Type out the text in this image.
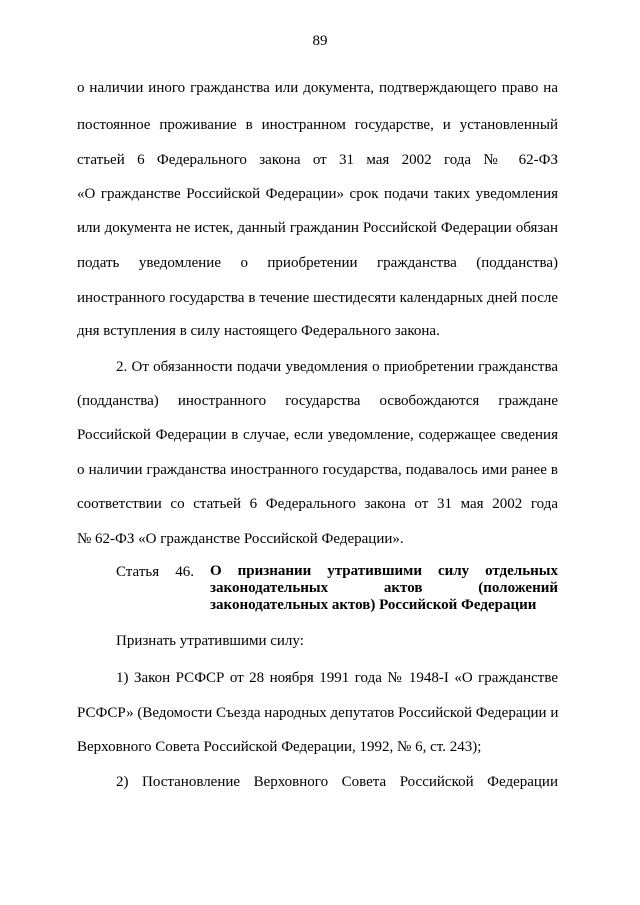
89
о наличии иного гражданства или документа, подтверждающего право на
постоянное проживание в иностранном государстве, и установленный
статьей 6 Федерального закона от 31 мая 2002 года № 62-ФЗ
«О гражданстве Российской Федерации» срок подачи таких уведомления
или документа не истек, данный гражданин Российской Федерации обязан
подать уведомление о приобретении гражданства (подданства)
иностранного государства в течение шестидесяти календарных дней после
дня вступления в силу настоящего Федерального закона.
2. От обязанности подачи уведомления о приобретении гражданства
(подданства) иностранного государства освобождаются граждане
Российской Федерации в случае, если уведомление, содержащее сведения
о наличии гражданства иностранного государства, подавалось ими ранее в
соответствии со статьей 6 Федерального закона от 31 мая 2002 года
№ 62-ФЗ «О гражданстве Российской Федерации».
Статья 46. О признании утратившими силу отдельных
законодательных актов (положений
законодательных актов) Российской Федерации
Признать утратившими силу:
1) Закон РСФСР от 28 ноября 1991 года № 1948-I «О гражданстве
РСФСР» (Ведомости Съезда народных депутатов Российской Федерации и
Верховного Совета Российской Федерации, 1992, № 6, ст. 243);
2) Постановление Верховного Совета Российской Федерации
